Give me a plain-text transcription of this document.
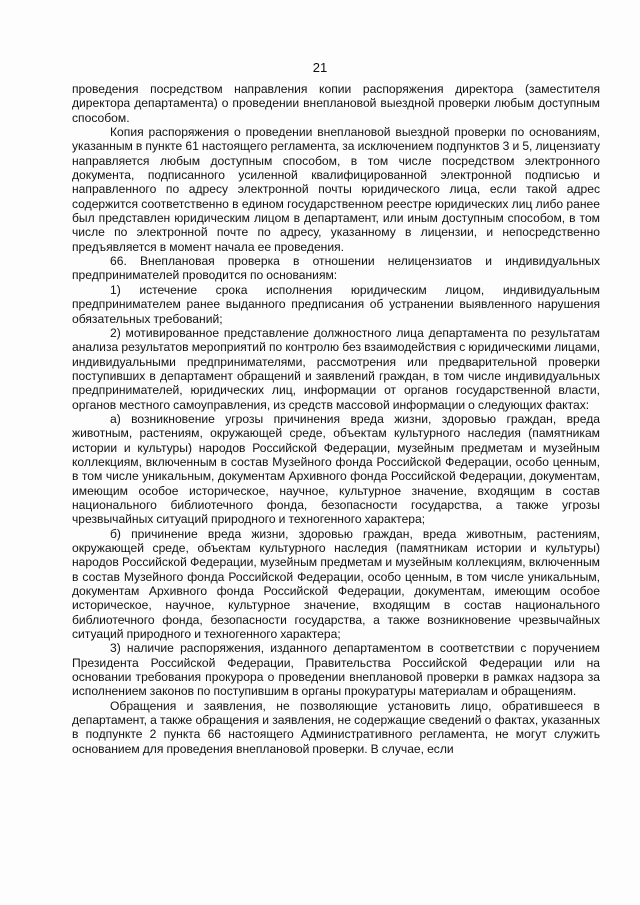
21

проведения посредством направления копии распоряжения директора (заместителя директора департамента) о проведении внеплановой выездной проверки любым доступным способом.

Копия распоряжения о проведении внеплановой выездной проверки по основаниям, указанным в пункте 61 настоящего регламента, за исключением подпунктов 3 и 5, лицензиату направляется любым доступным способом, в том числе посредством электронного документа, подписанного усиленной квалифицированной электронной подписью и направленного по адресу электронной почты юридического лица, если такой адрес содержится соответственно в едином государственном реестре юридических лиц либо ранее был представлен юридическим лицом в департамент, или иным доступным способом, в том числе по электронной почте по адресу, указанному в лицензии, и непосредственно предъявляется в момент начала ее проведения.

66. Внеплановая проверка в отношении нелицензиатов и индивидуальных предпринимателей проводится по основаниям:

1) истечение срока исполнения юридическим лицом, индивидуальным предпринимателем ранее выданного предписания об устранении выявленного нарушения обязательных требований;

2) мотивированное представление должностного лица департамента по результатам анализа результатов мероприятий по контролю без взаимодействия с юридическими лицами, индивидуальными предпринимателями, рассмотрения или предварительной проверки поступивших в департамент обращений и заявлений граждан, в том числе индивидуальных предпринимателей, юридических лиц, информации от органов государственной власти, органов местного самоуправления, из средств массовой информации о следующих фактах:

а) возникновение угрозы причинения вреда жизни, здоровью граждан, вреда животным, растениям, окружающей среде, объектам культурного наследия (памятникам истории и культуры) народов Российской Федерации, музейным предметам и музейным коллекциям, включенным в состав Музейного фонда Российской Федерации, особо ценным, в том числе уникальным, документам Архивного фонда Российской Федерации, документам, имеющим особое историческое, научное, культурное значение, входящим в состав национального библиотечного фонда, безопасности государства, а также угрозы чрезвычайных ситуаций природного и техногенного характера;

б) причинение вреда жизни, здоровью граждан, вреда животным, растениям, окружающей среде, объектам культурного наследия (памятникам истории и культуры) народов Российской Федерации, музейным предметам и музейным коллекциям, включенным в состав Музейного фонда Российской Федерации, особо ценным, в том числе уникальным, документам Архивного фонда Российской Федерации, документам, имеющим особое историческое, научное, культурное значение, входящим в состав национального библиотечного фонда, безопасности государства, а также возникновение чрезвычайных ситуаций природного и техногенного характера;

3) наличие распоряжения, изданного департаментом в соответствии с поручением Президента Российской Федерации, Правительства Российской Федерации или на основании требования прокурора о проведении внеплановой проверки в рамках надзора за исполнением законов по поступившим в органы прокуратуры материалам и обращениям.

Обращения и заявления, не позволяющие установить лицо, обратившееся в департамент, а также обращения и заявления, не содержащие сведений о фактах, указанных в подпункте 2 пункта 66 настоящего Административного регламента, не могут служить основанием для проведения внеплановой проверки. В случае, если
